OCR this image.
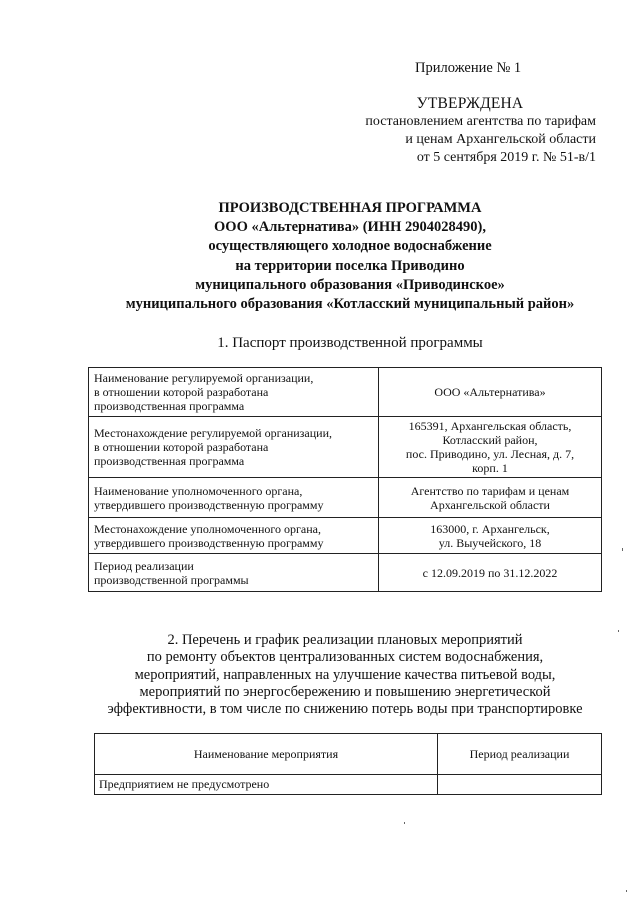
Приложение № 1
УТВЕРЖДЕНА
постановлением агентства по тарифам
и ценам Архангельской области
от 5 сентября 2019 г. № 51-в/1
ПРОИЗВОДСТВЕННАЯ ПРОГРАММА
ООО «Альтернатива» (ИНН 2904028490),
осуществляющего холодное водоснабжение
на территории поселка Приводино
муниципального образования «Приводинское»
муниципального образования «Котласский муниципальный район»
1. Паспорт производственной программы
Наименование регулируемой организации,
в отношении которой разработана
производственная программа	ООО «Альтернатива»

Местонахождение регулируемой организации,
в отношении которой разработана
производственная программа	165391, Архангельская область,
Котласский район,
пос. Приводино, ул. Лесная, д. 7,
корп. 1

Наименование уполномоченного органа,
утвердившего производственную программу	Агентство по тарифам и ценам
Архангельской области

Местонахождение уполномоченного органа,
утвердившего производственную программу	163000, г. Архангельск,
ул. Выучейского, 18

Период реализации
производственной программы	с 12.09.2019 по 31.12.2022
2. Перечень и график реализации плановых мероприятий
по ремонту объектов централизованных систем водоснабжения,
мероприятий, направленных на улучшение качества питьевой воды,
мероприятий по энергосбережению и повышению энергетической
эффективности, в том числе по снижению потерь воды при транспортировке
Наименование мероприятия	Период реализации
Предприятием не предусмотрено	
